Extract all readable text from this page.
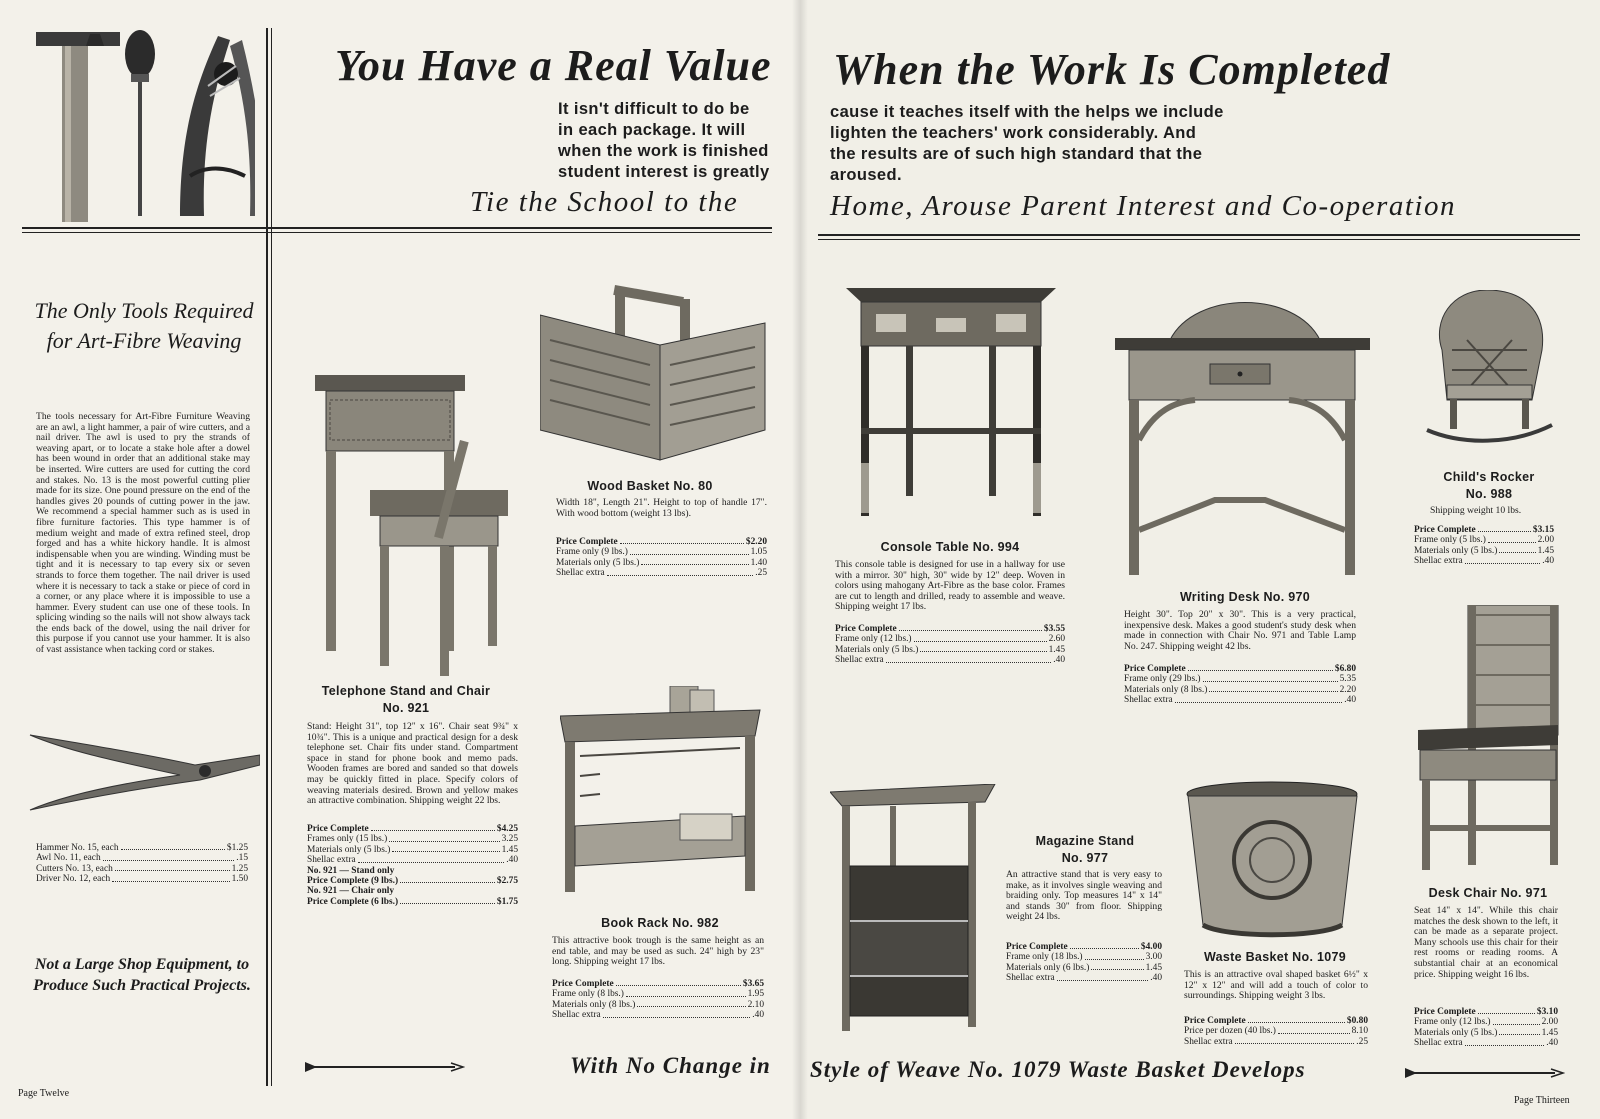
You Have a Real Value When the Work Is Completed
It isn't difficult to do be
in each package. It will
when the work is finished
student interest is greatly
cause it teaches itself with the helps we include
lighten the teachers' work considerably. And
the results are of such high standard that the
aroused.
Tie the School to the	Home, Arouse Parent Interest and Co-operation
The Only Tools Required for Art-Fibre Weaving
The tools necessary for Art-Fibre Furniture Weaving are an awl, a light hammer, a pair of wire cutters, and a nail driver. The awl is used to pry the strands of weaving apart, or to locate a stake hole after a dowel has been wound in order that an additional stake may be inserted. Wire cutters are used for cutting the cord and stakes. No. 13 is the most powerful cutting plier made for its size. One pound pressure on the end of the handles gives 20 pounds of cutting power in the jaw. We recommend a special hammer such as is used in fibre furniture factories. This type hammer is of medium weight and made of extra refined steel, drop forged and has a white hickory handle. It is almost indispensable when you are winding. Winding must be tight and it is necessary to tap every six or seven strands to force them together. The nail driver is used where it is necessary to tack a stake or piece of cord in a corner, or any place where it is impossible to use a hammer. Every student can use one of these tools. In splicing winding so the nails will not show always tack the ends back of the dowel, using the nail driver for this purpose if you cannot use your hammer. It is also of vast assistance when tacking cord or stakes.
Hammer No. 15, each	$1.25
Awl No. 11, each	.15
Cutters No. 13, each	1.25
Driver No. 12, each	1.50
Not a Large Shop Equipment, to Produce Such Practical Projects.
Telephone Stand and Chair
No. 921
Stand: Height 31", top 12" x 16". Chair seat 9¾" x 10¾". This is a unique and practical design for a desk telephone set. Chair fits under stand. Compartment space in stand for phone book and memo pads. Wooden frames are bored and sanded so that dowels may be quickly fitted in place. Specify colors of weaving materials desired. Brown and yellow makes an attractive combination. Shipping weight 22 lbs.
Price Complete	$4.25
Frames only (15 lbs.)	3.25
Materials only (5 lbs.)	1.45
Shellac extra	.40
No. 921 — Stand only
Price Complete (9 lbs.)	$2.75
No. 921 — Chair only
Price Complete (6 lbs.)	$1.75
Wood Basket No. 80
Width 18", Length 21". Height to top of handle 17". With wood bottom (weight 13 lbs).
Price Complete	$2.20
Frame only (9 lbs.)	1.05
Materials only (5 lbs.)	1.40
Shellac extra	.25
Book Rack No. 982
This attractive book trough is the same height as an end table, and may be used as such. 24" high by 23" long. Shipping weight 17 lbs.
Price Complete	$3.65
Frame only (8 lbs.)	1.95
Materials only (8 lbs.)	2.10
Shellac extra	.40
Console Table No. 994
This console table is designed for use in a hallway for use with a mirror. 30" high, 30" wide by 12" deep. Woven in colors using mahogany Art-Fibre as the base color. Frames are cut to length and drilled, ready to assemble and weave. Shipping weight 17 lbs.
Price Complete	$3.55
Frame only (12 lbs.)	2.60
Materials only (5 lbs.)	1.45
Shellac extra	.40
Writing Desk No. 970
Height 30". Top 20" x 30". This is a very practical, inexpensive desk. Makes a good student's study desk when made in connection with Chair No. 971 and Table Lamp No. 247. Shipping weight 42 lbs.
Price Complete	$6.80
Frame only (29 lbs.)	5.35
Materials only (8 lbs.)	2.20
Shellac extra	.40
Child's Rocker
No. 988
Shipping weight 10 lbs.
Price Complete	$3.15
Frame only (5 lbs.)	2.00
Materials only (5 lbs.)	1.45
Shellac extra	.40
Magazine Stand
No. 977
An attractive stand that is very easy to make, as it involves single weaving and braiding only. Top measures 14" x 14" and stands 30" from floor. Shipping weight 24 lbs.
Price Complete	$4.00
Frame only (18 lbs.)	3.00
Materials only (6 lbs.)	1.45
Shellac extra	.40
Waste Basket No. 1079
This is an attractive oval shaped basket 6½" x 12" x 12" and will add a touch of color to surroundings. Shipping weight 3 lbs.
Price Complete	$0.80
Price per dozen (40 lbs.)	8.10
Shellac extra	.25
Desk Chair No. 971
Seat 14" x 14". While this chair matches the desk shown to the left, it can be made as a separate project. Many schools use this chair for their rest rooms or reading rooms. A substantial chair at an economical price. Shipping weight 16 lbs.
Price Complete	$3.10
Frame only (12 lbs.)	2.00
Materials only (5 lbs.)	1.45
Shellac extra	.40
With No Change in Style of Weave No. 1079 Waste Basket Develops
Page Twelve
Page Thirteen
